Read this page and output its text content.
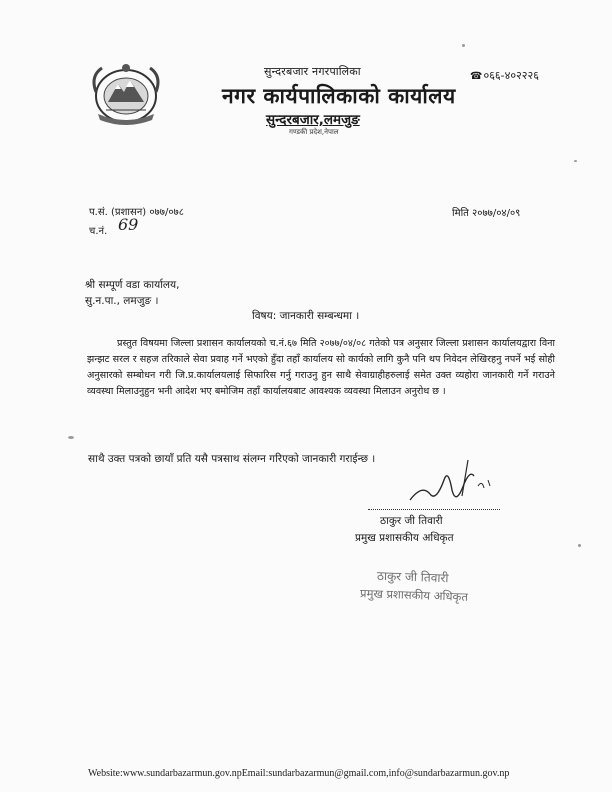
सुन्दरबजार नगरपालिका
नगर कार्यपालिकाको कार्यालय
सुन्दरबजार,लमजुङ
गण्डकी प्रदेश,नेपाल
☎०६६-४०२२२६
प.सं. (प्रशासन) ०७७/०७८	मिति २०७७/०४/०९
च.नं. 69
श्री सम्पूर्ण वडा कार्यालय,
सु.न.पा., लमजुङ ।
विषय: जानकारी सम्बन्धमा ।
प्रस्तुत विषयमा जिल्ला प्रशासन कार्यालयको च.नं.६७ मिति २०७७/०४/०८ गतेको पत्र अनुसार जिल्ला प्रशासन कार्यालयद्वारा विना झन्झट सरल र सहज तरिकाले सेवा प्रवाह गर्ने भएको हुँदा तहाँ कार्यालय सो कार्यको लागि कुनै पनि थप निवेदन लेखिरहनु नपर्ने भई सोही अनुसारको सम्बोधन गरी जि.प्र.कार्यालयलाई सिफारिस गर्नु गराउनु हुन साथै सेवाग्राहीहरुलाई समेत उक्त व्यहोरा जानकारी गर्ने गराउने व्यवस्था मिलाउनुहुन भनी आदेश भए बमोजिम तहाँ कार्यालयबाट आवश्यक व्यवस्था मिलाउन अनुरोध छ ।
साथै उक्त पत्रको छायाँ प्रति यसै पत्रसाथ संलग्न गरिएको जानकारी गराईन्छ ।
ठाकुर जी तिवारी
प्रमुख प्रशासकीय अधिकृत
ठाकुर जी तिवारी
प्रमुख प्रशासकीय अधिकृत
Website:www.sundarbazarmun.gov.npEmail:sundarbazarmun@gmail.com,info@sundarbazarmun.gov.np
